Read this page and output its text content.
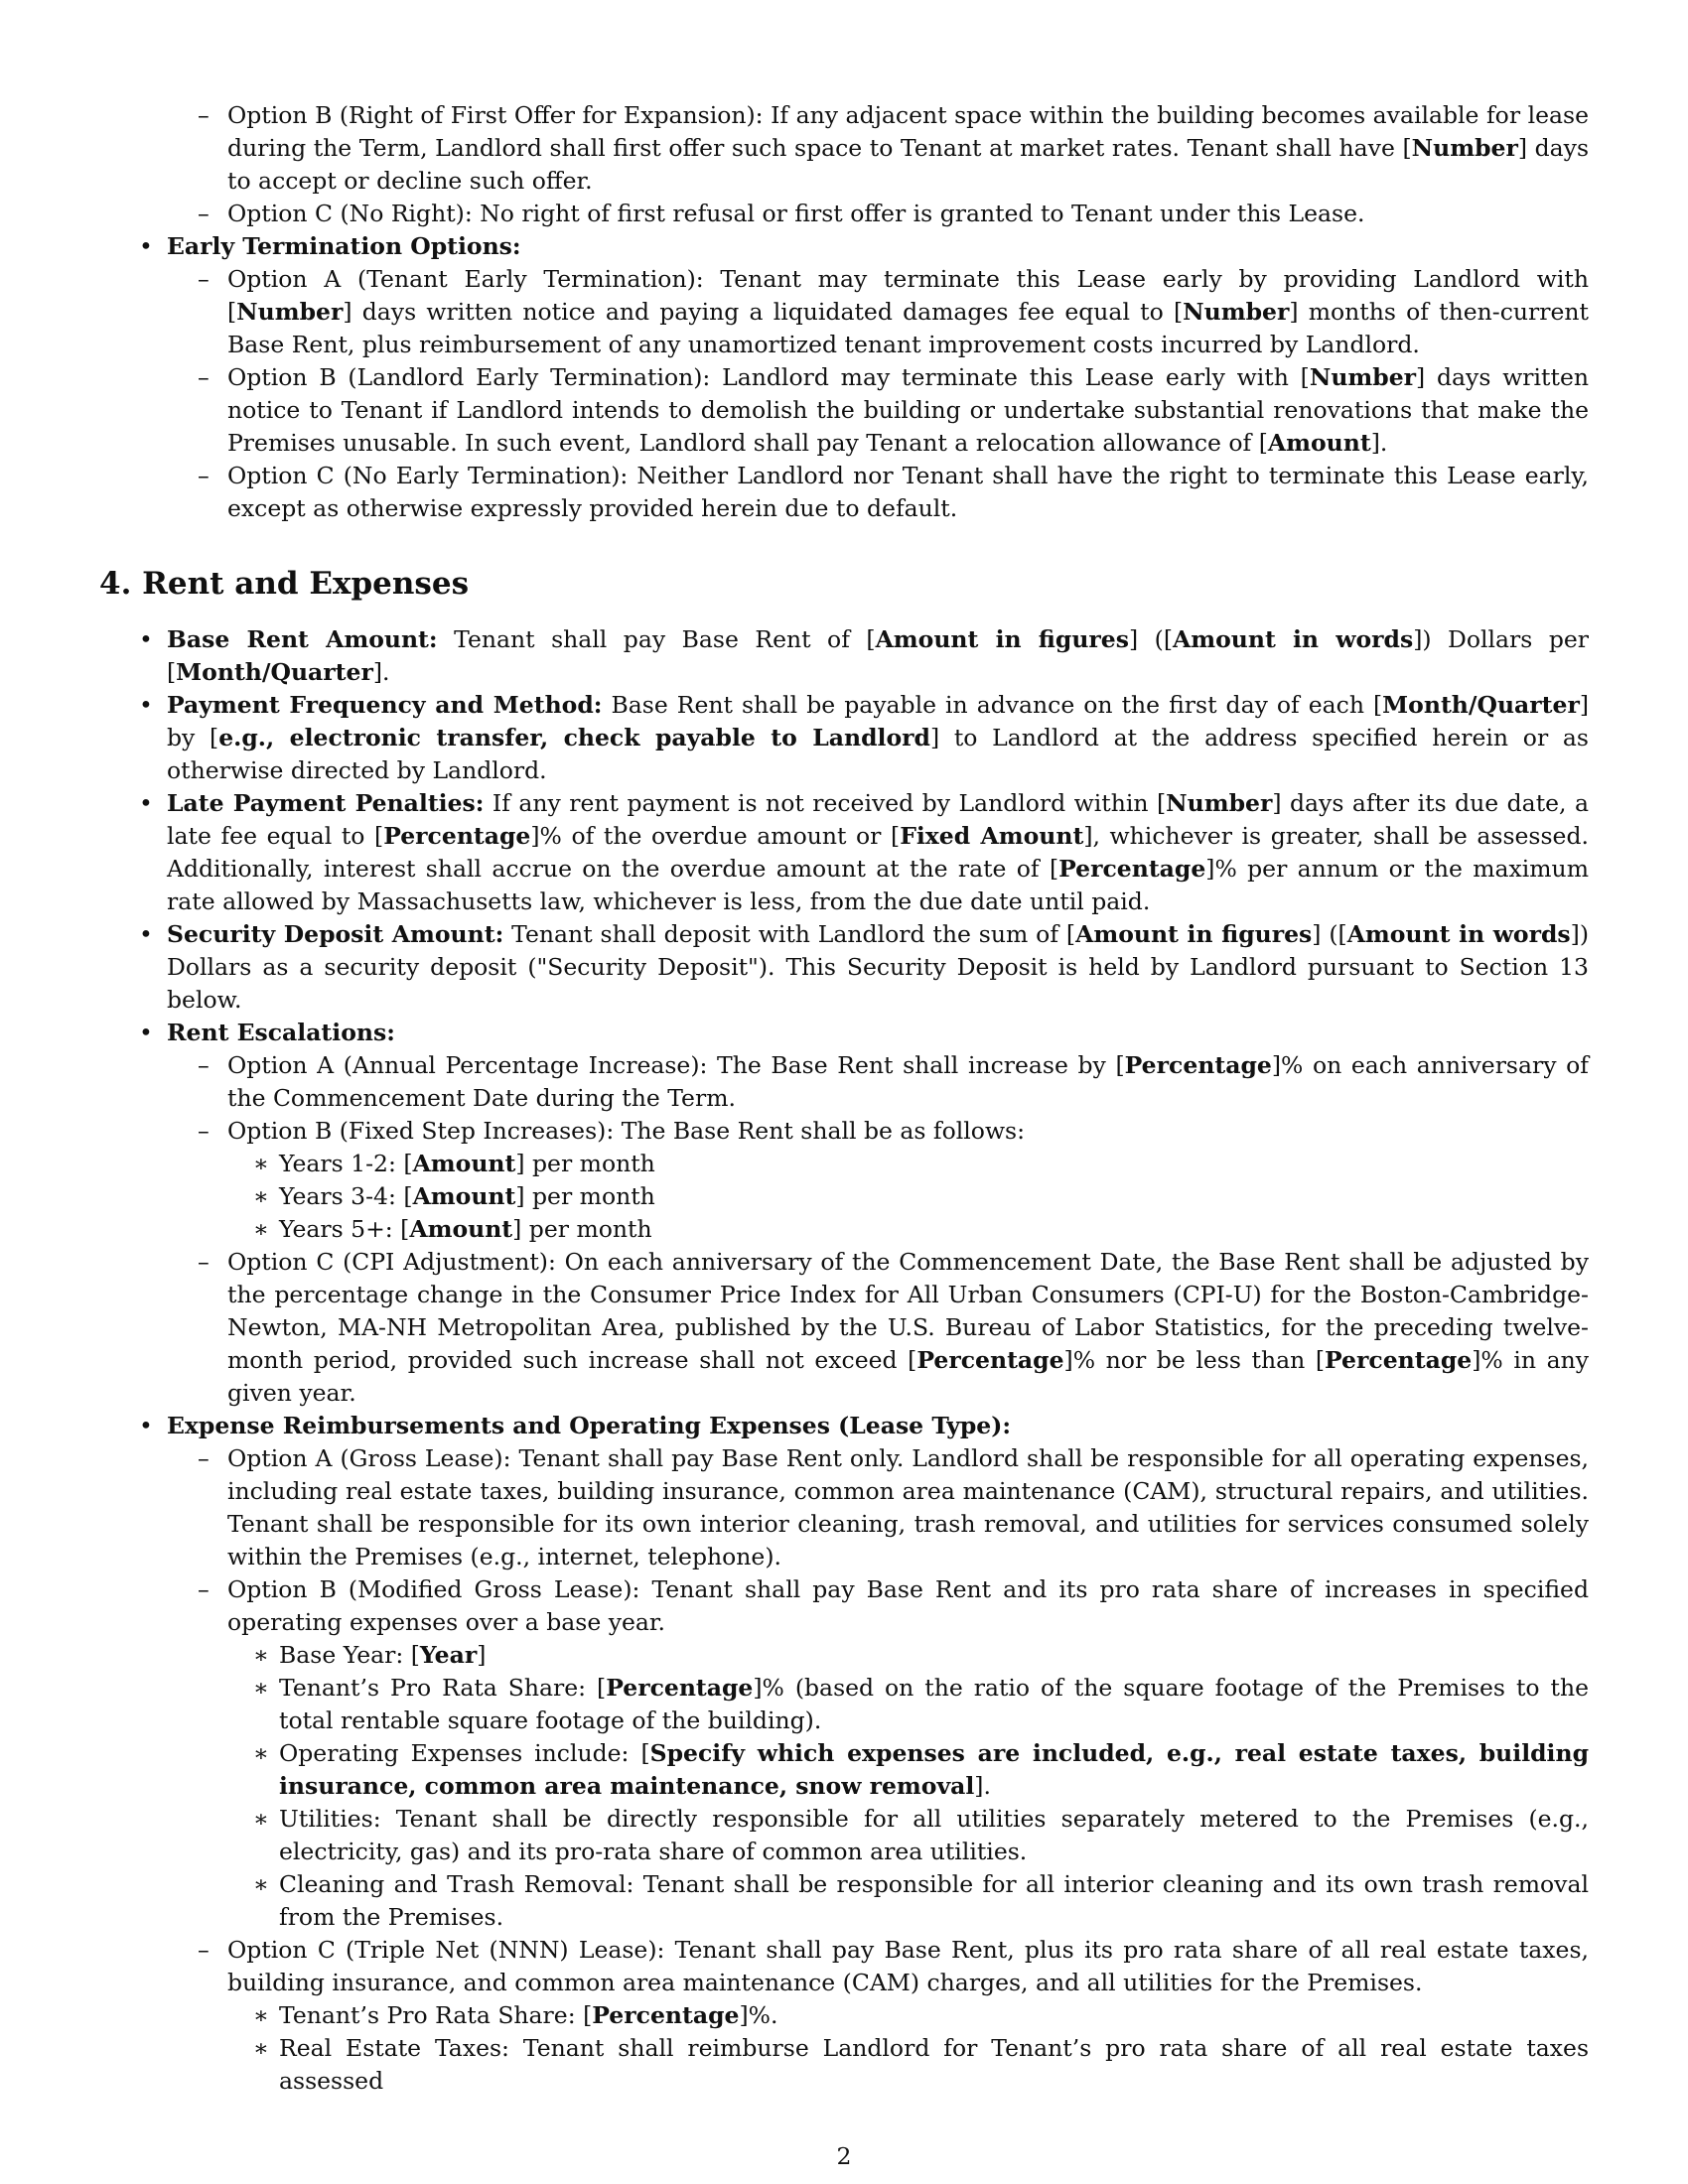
– Option B (Right of First Offer for Expansion): If any adjacent space within the building becomes available for lease during the Term, Landlord shall first offer such space to Tenant at market rates. Tenant shall have [Number] days to accept or decline such offer.
– Option C (No Right): No right of first refusal or first offer is granted to Tenant under this Lease.
• Early Termination Options:
– Option A (Tenant Early Termination): Tenant may terminate this Lease early by providing Landlord with [Number] days written notice and paying a liquidated damages fee equal to [Number] months of then-current Base Rent, plus reimbursement of any unamortized tenant improvement costs incurred by Landlord.
– Option B (Landlord Early Termination): Landlord may terminate this Lease early with [Number] days written notice to Tenant if Landlord intends to demolish the building or undertake substantial renovations that make the Premises unusable. In such event, Landlord shall pay Tenant a relocation allowance of [Amount].
– Option C (No Early Termination): Neither Landlord nor Tenant shall have the right to terminate this Lease early, except as otherwise expressly provided herein due to default.
4. Rent and Expenses
• Base Rent Amount: Tenant shall pay Base Rent of [Amount in figures] ([Amount in words]) Dollars per [Month/Quarter].
• Payment Frequency and Method: Base Rent shall be payable in advance on the first day of each [Month/Quarter] by [e.g., electronic transfer, check payable to Landlord] to Landlord at the address specified herein or as otherwise directed by Landlord.
• Late Payment Penalties: If any rent payment is not received by Landlord within [Number] days after its due date, a late fee equal to [Percentage]% of the overdue amount or [Fixed Amount], whichever is greater, shall be assessed. Additionally, interest shall accrue on the overdue amount at the rate of [Percentage]% per annum or the maximum rate allowed by Massachusetts law, whichever is less, from the due date until paid.
• Security Deposit Amount: Tenant shall deposit with Landlord the sum of [Amount in figures] ([Amount in words]) Dollars as a security deposit ("Security Deposit"). This Security Deposit is held by Landlord pursuant to Section 13 below.
• Rent Escalations:
– Option A (Annual Percentage Increase): The Base Rent shall increase by [Percentage]% on each anniversary of the Commencement Date during the Term.
– Option B (Fixed Step Increases): The Base Rent shall be as follows:
∗ Years 1-2: [Amount] per month
∗ Years 3-4: [Amount] per month
∗ Years 5+: [Amount] per month
– Option C (CPI Adjustment): On each anniversary of the Commencement Date, the Base Rent shall be adjusted by the percentage change in the Consumer Price Index for All Urban Consumers (CPI-U) for the Boston-Cambridge-Newton, MA-NH Metropolitan Area, published by the U.S. Bureau of Labor Statistics, for the preceding twelve-month period, provided such increase shall not exceed [Percentage]% nor be less than [Percentage]% in any given year.
• Expense Reimbursements and Operating Expenses (Lease Type):
– Option A (Gross Lease): Tenant shall pay Base Rent only. Landlord shall be responsible for all operating expenses, including real estate taxes, building insurance, common area maintenance (CAM), structural repairs, and utilities. Tenant shall be responsible for its own interior cleaning, trash removal, and utilities for services consumed solely within the Premises (e.g., internet, telephone).
– Option B (Modified Gross Lease): Tenant shall pay Base Rent and its pro rata share of increases in specified operating expenses over a base year.
∗ Base Year: [Year]
∗ Tenant’s Pro Rata Share: [Percentage]% (based on the ratio of the square footage of the Premises to the total rentable square footage of the building).
∗ Operating Expenses include: [Specify which expenses are included, e.g., real estate taxes, building insurance, common area maintenance, snow removal].
∗ Utilities: Tenant shall be directly responsible for all utilities separately metered to the Premises (e.g., electricity, gas) and its pro-rata share of common area utilities.
∗ Cleaning and Trash Removal: Tenant shall be responsible for all interior cleaning and its own trash removal from the Premises.
– Option C (Triple Net (NNN) Lease): Tenant shall pay Base Rent, plus its pro rata share of all real estate taxes, building insurance, and common area maintenance (CAM) charges, and all utilities for the Premises.
∗ Tenant’s Pro Rata Share: [Percentage]%.
∗ Real Estate Taxes: Tenant shall reimburse Landlord for Tenant’s pro rata share of all real estate taxes assessed
2
